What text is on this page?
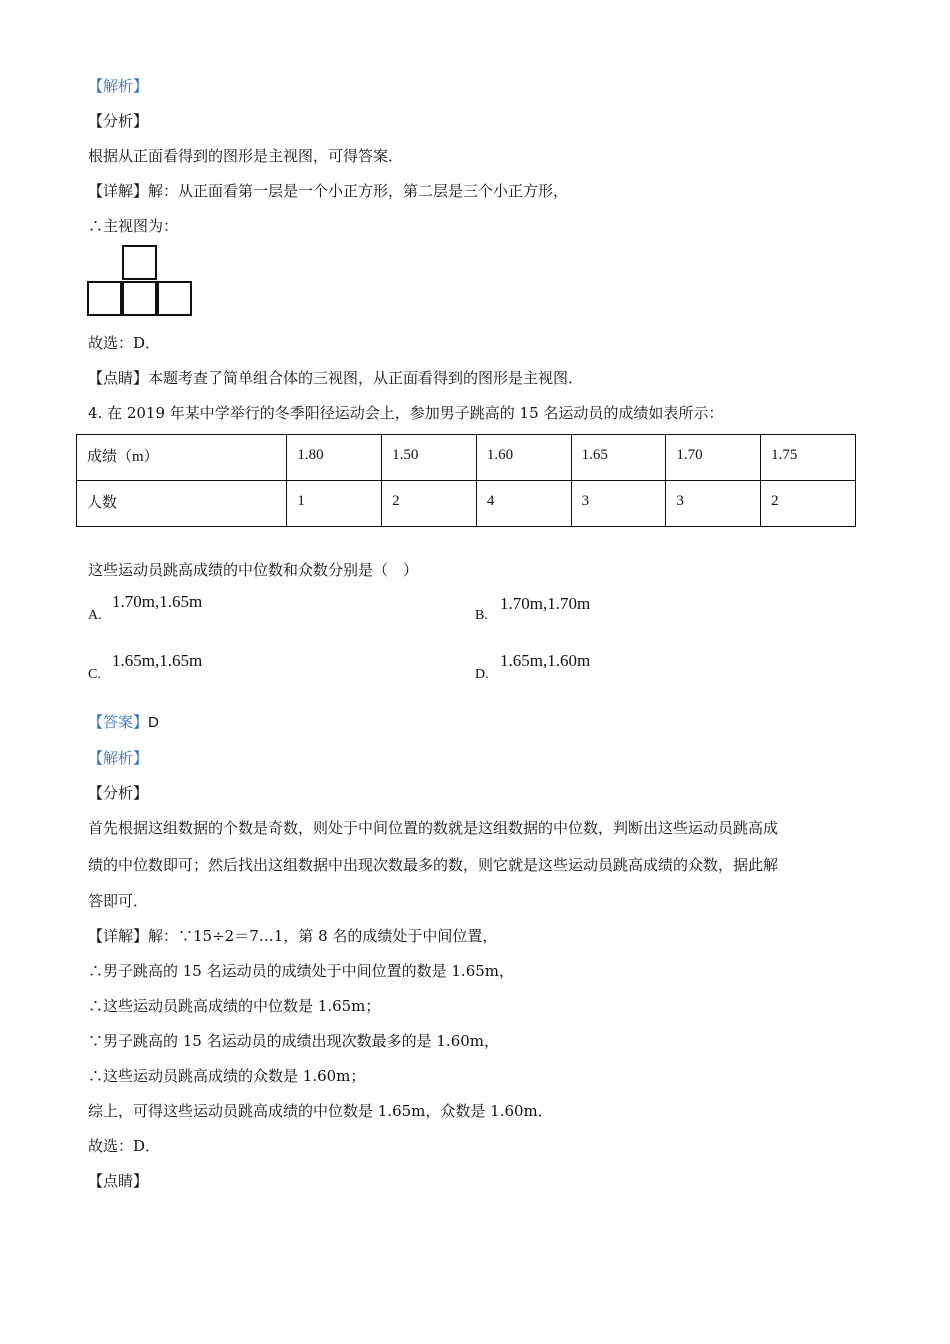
【解析】
【分析】
根据从正面看得到的图形是主视图，可得答案．
【详解】解：从正面看第一层是一个小正方形，第二层是三个小正方形，
∴主视图为：
故选：D．
【点睛】本题考查了简单组合体的三视图，从正面看得到的图形是主视图．
4. 在 2019 年某中学举行的冬季阳径运动会上，参加男子跳高的 15 名运动员的成绩如表所示：
成绩（m）	1.80	1.50	1.60	1.65	1.70	1.75
人数	1	2	4	3	3	2
这些运动员跳高成绩的中位数和众数分别是（　）
A.
1.70m,1.65m
B.
1.70m,1.70m
C.
1.65m,1.65m
D.
1.65m,1.60m
【答案】D
【解析】
【分析】
首先根据这组数据的个数是奇数，则处于中间位置的数就是这组数据的中位数，判断出这些运动员跳高成
绩的中位数即可；然后找出这组数据中出现次数最多的数，则它就是这些运动员跳高成绩的众数，据此解
答即可．
【详解】解：∵15÷2＝7…1，第 8 名的成绩处于中间位置，
∴男子跳高的 15 名运动员的成绩处于中间位置的数是 1.65m，
∴这些运动员跳高成绩的中位数是 1.65m；
∵男子跳高的 15 名运动员的成绩出现次数最多的是 1.60m，
∴这些运动员跳高成绩的众数是 1.60m；
综上，可得这些运动员跳高成绩的中位数是 1.65m，众数是 1.60m．
故选：D．
【点睛】
